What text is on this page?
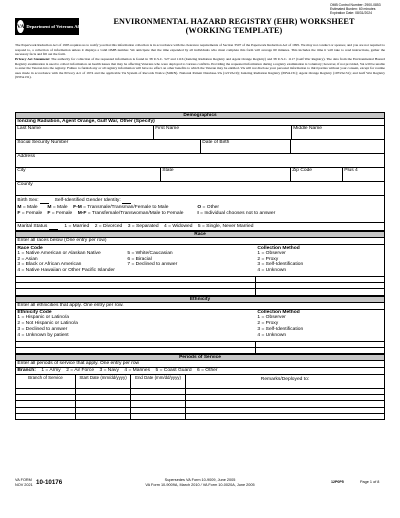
OMB Control Number: 2900-0853
Estimated Burden: 60 minutes
Expiration Date: 08/31/2024
VA Department of Veterans Affairs
ENVIRONMENTAL HAZARD REGISTRY (EHR) WORKSHEET
(WORKING TEMPLATE)

The Paperwork Reduction Act of 1995 requires us to notify you that this information collection is in accordance with the clearance requirements of Section 3507 of the Paperwork Reduction Act of 1995. We may not conduct or sponsor, and you are not required to respond to, a collection of information unless it displays a valid OMB number. We anticipate that the time expended by all individuals who must complete this form will average 60 minutes. This includes the time it will take to read instructions, gather the necessary facts and fill out the form.

Privacy Act Statement: The authority for collection of the requested information is found in 38 U.S.C. 527 and 1116 (Ionizing Radiation Registry and Agent Orange Registry) and 38 U.S.C. 1117 (Gulf War Registry). The data from the Environmental Hazard Registry examination is used to collect information on health issues that may be affecting Veterans who were deployed to various conflicts. Providing the requested information during a registry examination is voluntary; however, if not provided, VA will be unable to enter the Veteran into the registry. Failure to furnish any or all registry information will have no effect on other benefits to which the Veteran may be entitled. VA will not disclose your personal information to third parties without your consent, except for routine uses made in accordance with the Privacy Act of 1974 and the applicable VA System of Records Notice (SORN). National Patient Database-VA (121VA19); Ionizing Radiation Registry (69VA131); Agent Orange Registry (105VA131); and Gulf War Registry (93VA131).

Demographics
Ionizing Radiation, Agent Orange, Gulf War, Other (Specify)
Last Name	First Name	Middle Name
Social Security Number	Date of Birth
Address
City	State	Zip Code	Plus 4
County
Birth Sex:	Self-Identified Gender Identity:
M = Male	M = Male F-M = Transmale/Transman/Female to Male	O = Other
F = Female	F = Female M-F = Transfemale/Transwoman/Male to Female	I = Individual chooses not to answer
Marital Status	1 = Married 2 = Divorced 3 = Separated 4 = Widowed 5 = Single, Never Married
Race
Enter all races below (One entry per row)
Race Code
1 = Native American or Alaskan Native
2 = Asian
3 = Black or African American
4 = Native Hawaiian or Other Pacific Islander
5 = White/Caucasian
6 = Biracial
7 = Declined to answer
Collection Method
1 = Observer
2 = Proxy
3 = Self-Identification
4 = Unknown
Ethnicity
Enter all ethnicities that apply. One entry per row.
Ethnicity Code
1 = Hispanic or Latino/a
2 = Not Hispanic or Latino/a
3 = Declined to answer
4 = Unknown by patient
Collection Method
1 = Observer
2 = Proxy
3 = Self-Identification
4 = Unknown
Periods of Service
Enter all periods of service that apply. One entry per row
Branch: 1 = Army 2 = Air Force 3 = Navy 4 = Marines 5 = Coast Guard 6 = Other
Branch of Service	Start Date (mm/dd/yyyy)	End Date (mm/dd/yyyy)	Remarks/Deployed to:
VA FORM
NOV 2021 10-10176	Supersedes VA Form 10-9009, June 2005
VA Form 10-9009A, March 2010 / VA Form 10-0020A, June 2005
12P0P5	Page 1 of 8
